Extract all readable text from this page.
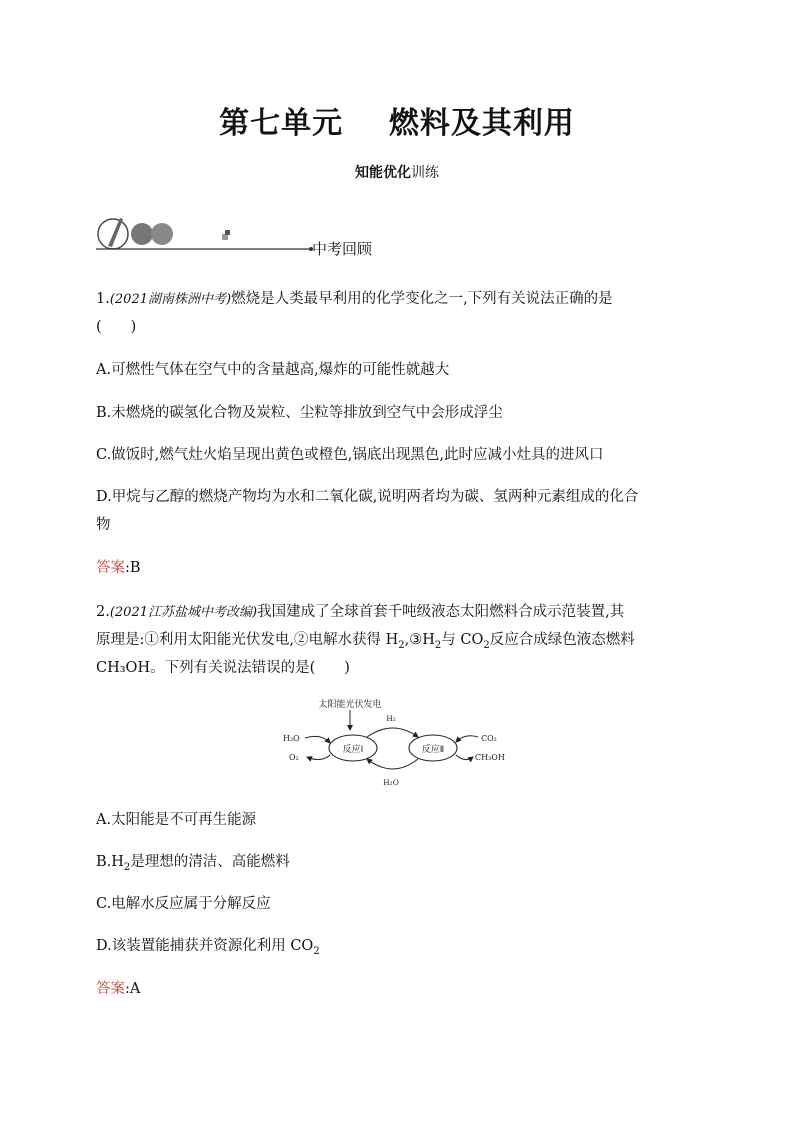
第七单元    燃料及其利用
知能优化训练
中考回顾
1.(2021湖南株洲中考)燃烧是人类最早利用的化学变化之一,下列有关说法正确的是
(　　)
A.可燃性气体在空气中的含量越高,爆炸的可能性就越大
B.未燃烧的碳氢化合物及炭粒、尘粒等排放到空气中会形成浮尘
C.做饭时,燃气灶火焰呈现出黄色或橙色,锅底出现黑色,此时应减小灶具的进风口
D.甲烷与乙醇的燃烧产物均为水和二氧化碳,说明两者均为碳、氢两种元素组成的化合
物
答案:B
2.(2021江苏盐城中考改编)我国建成了全球首套千吨级液态太阳燃料合成示范装置,其
原理是:①利用太阳能光伏发电,②电解水获得 $H_2,③H_2$与 $CO_2$反应合成绿色液态燃料
CH₃OH。下列有关说法错误的是(　　)
太阳能光伏发电
反应Ⅰ	反应Ⅱ
H₂
H₂O
H₂O
O₂
CO₂
CH₃OH
A.太阳能是不可再生能源
$B.H_2$是理想的清洁、高能燃料
C.电解水反应属于分解反应
D.该装置能捕获并资源化利用 $CO_2$
答案:A
